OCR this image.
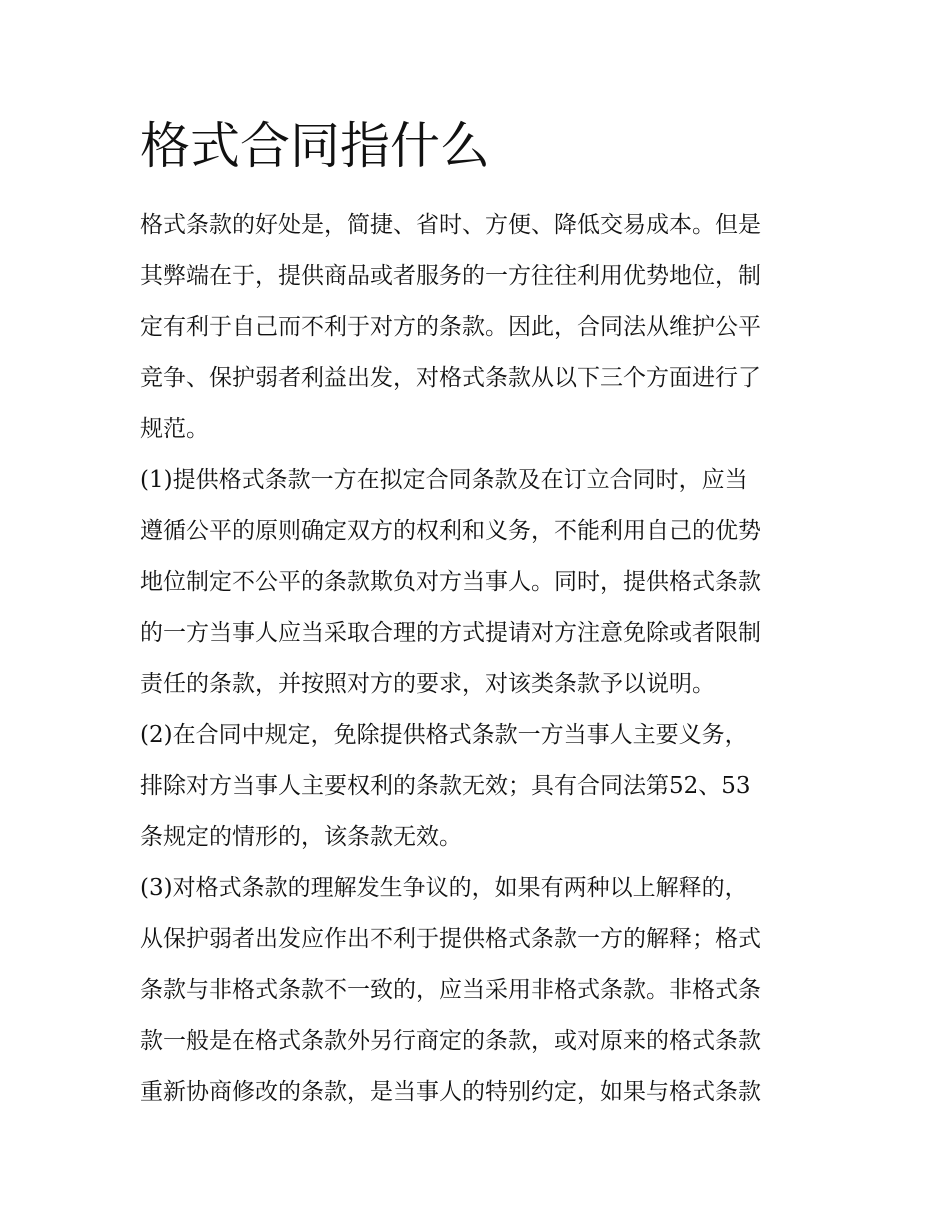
格式合同指什么

格式条款的好处是，简捷、省时、方便、降低交易成本。但是
其弊端在于，提供商品或者服务的一方往往利用优势地位，制
定有利于自己而不利于对方的条款。因此，合同法从维护公平
竞争、保护弱者利益出发，对格式条款从以下三个方面进行了
规范。

(1)提供格式条款一方在拟定合同条款及在订立合同时，应当
遵循公平的原则确定双方的权利和义务，不能利用自己的优势
地位制定不公平的条款欺负对方当事人。同时，提供格式条款
的一方当事人应当采取合理的方式提请对方注意免除或者限制
责任的条款，并按照对方的要求，对该类条款予以说明。

(2)在合同中规定，免除提供格式条款一方当事人主要义务，
排除对方当事人主要权利的条款无效；具有合同法第52、53
条规定的情形的，该条款无效。

(3)对格式条款的理解发生争议的，如果有两种以上解释的，
从保护弱者出发应作出不利于提供格式条款一方的解释；格式
条款与非格式条款不一致的，应当采用非格式条款。非格式条
款一般是在格式条款外另行商定的条款，或对原来的格式条款
重新协商修改的条款，是当事人的特别约定，如果与格式条款
